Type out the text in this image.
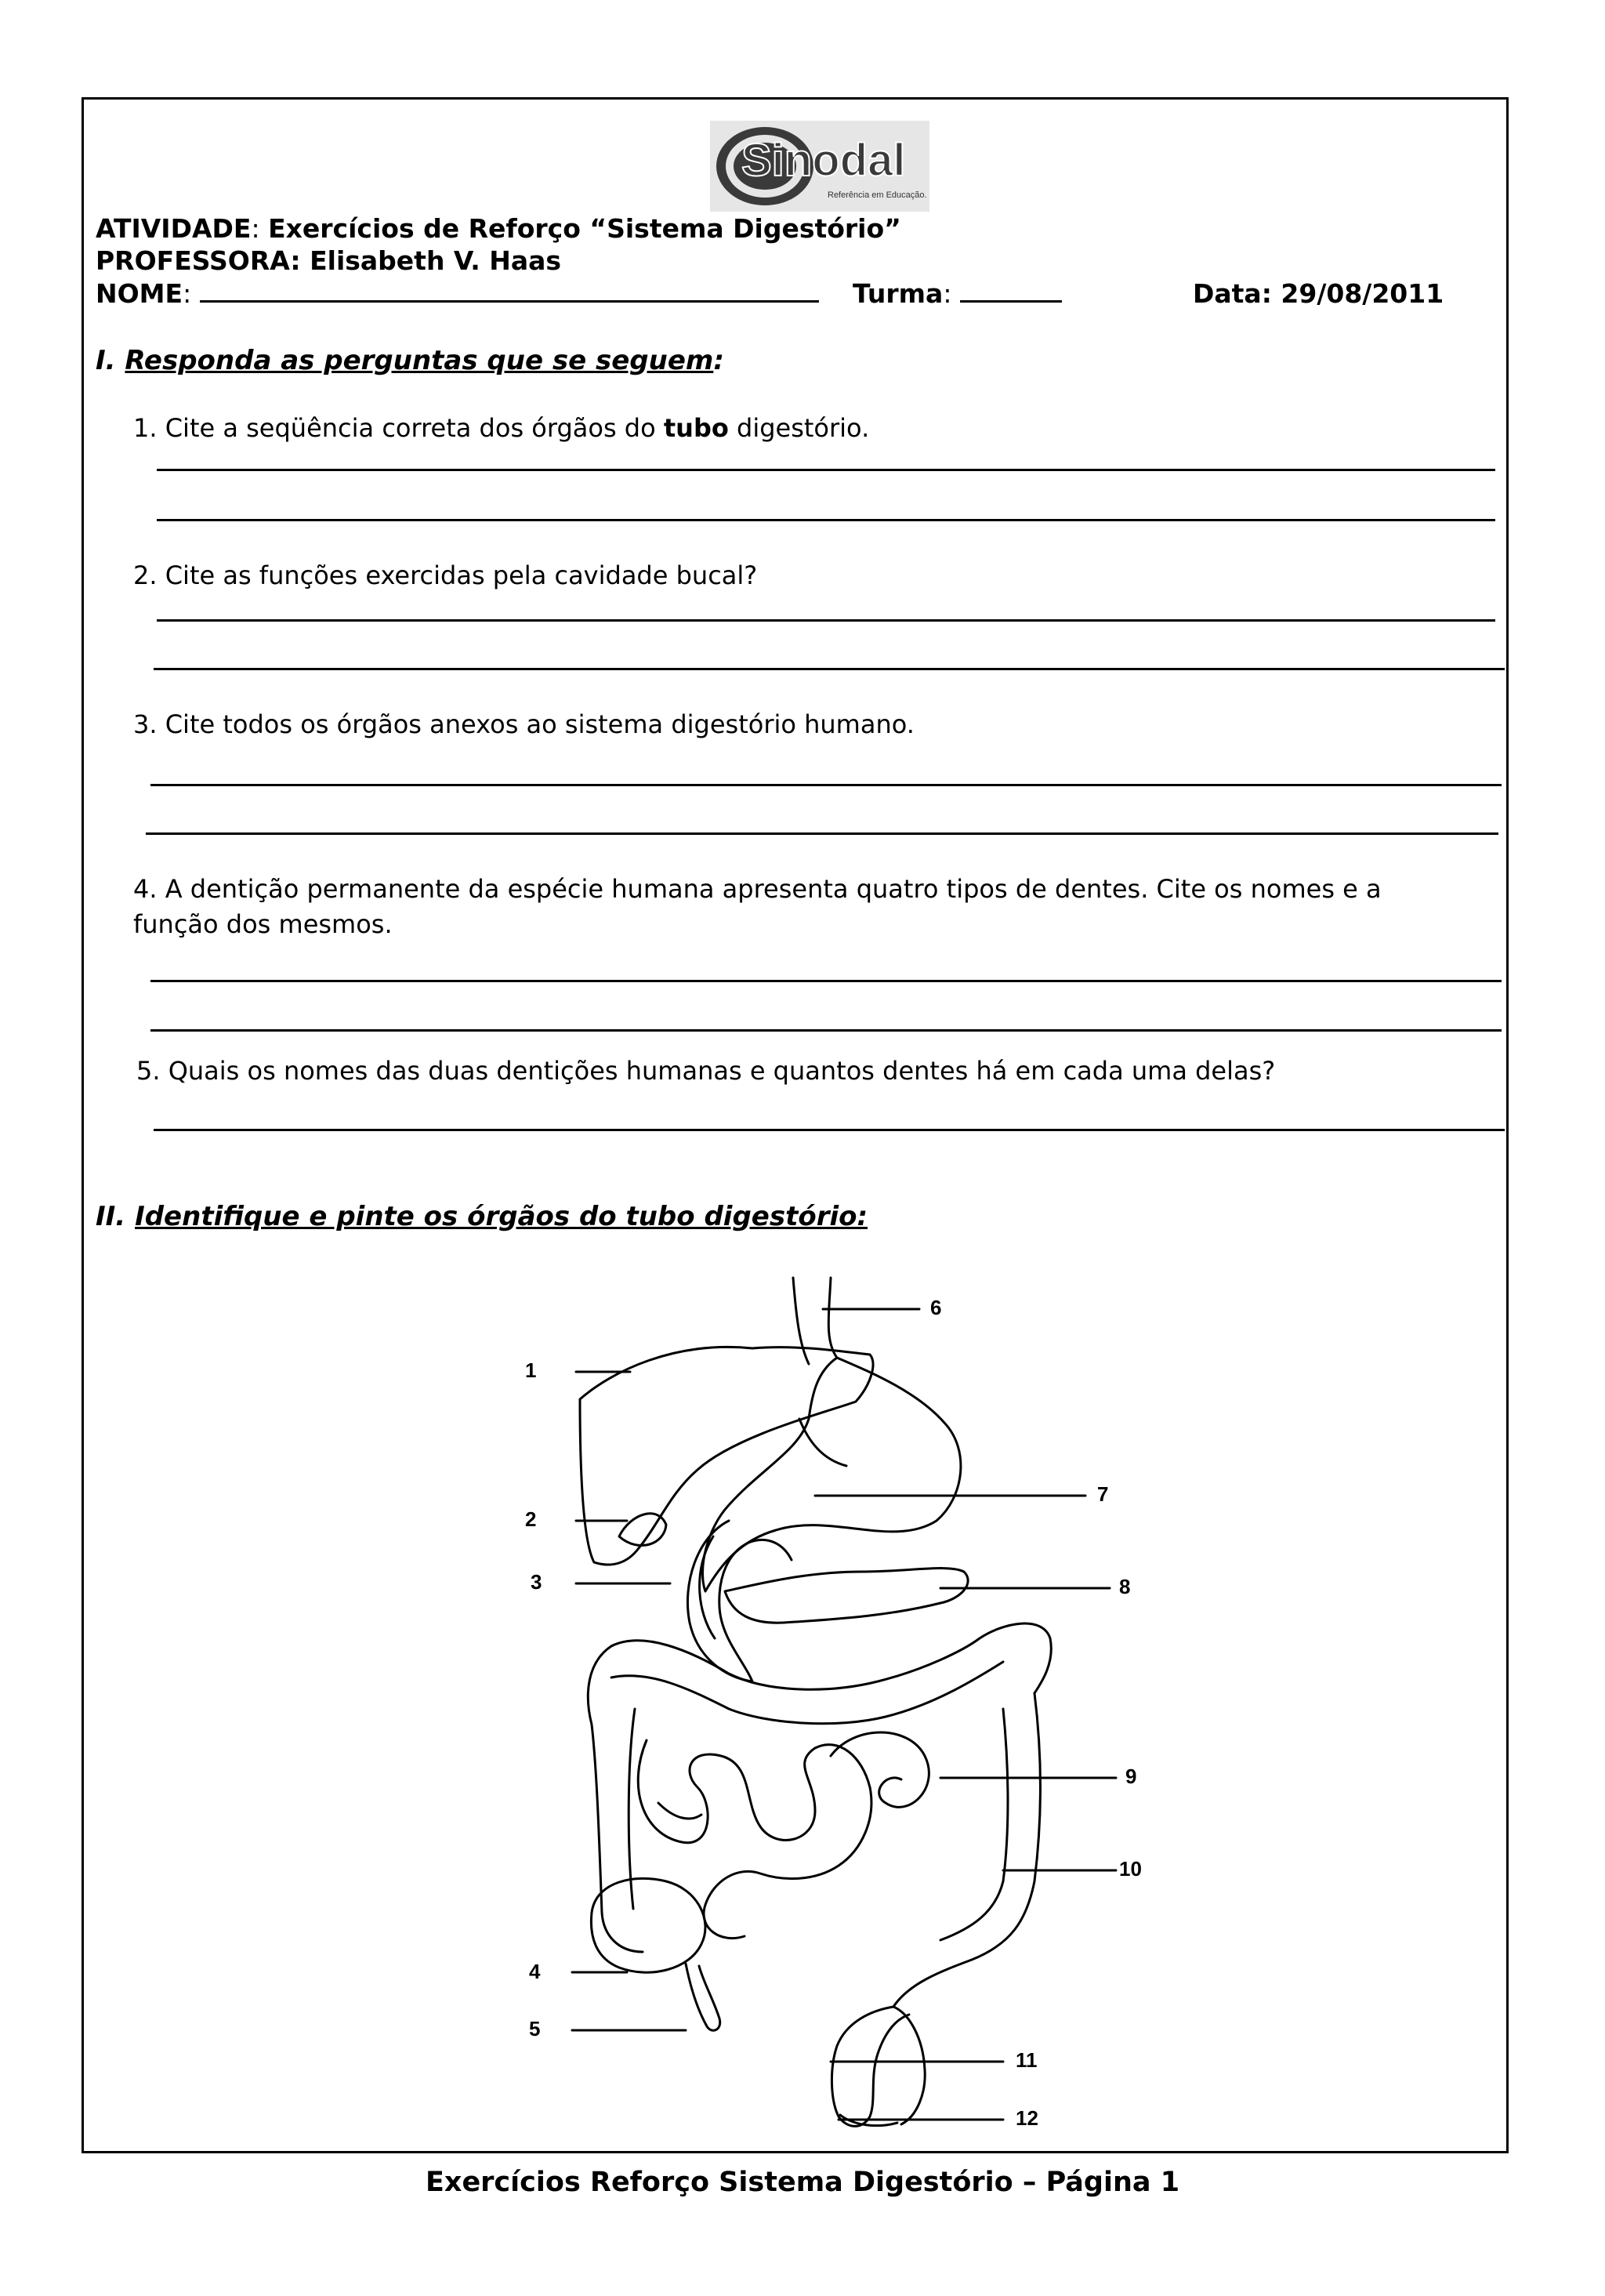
Sinodal
Referência em Educação.
ATIVIDADE: Exercícios de Reforço “Sistema Digestório”
PROFESSORA: Elisabeth V. Haas
NOME:	Turma:	Data: 29/08/2011
I. Responda as perguntas que se seguem:
1. Cite a seqüência correta dos órgãos do tubo digestório.
2. Cite as funções exercidas pela cavidade bucal?
3. Cite todos os órgãos anexos ao sistema digestório humano.
4. A dentição permanente da espécie humana apresenta quatro tipos de dentes. Cite os nomes e a
função dos mesmos.
5. Quais os nomes das duas dentições humanas e quantos dentes há em cada uma delas?
II. Identifique e pinte os órgãos do tubo digestório:
1
2
3
4
5
6
7
8
9
10
11
12
Exercícios Reforço Sistema Digestório – Página 1
